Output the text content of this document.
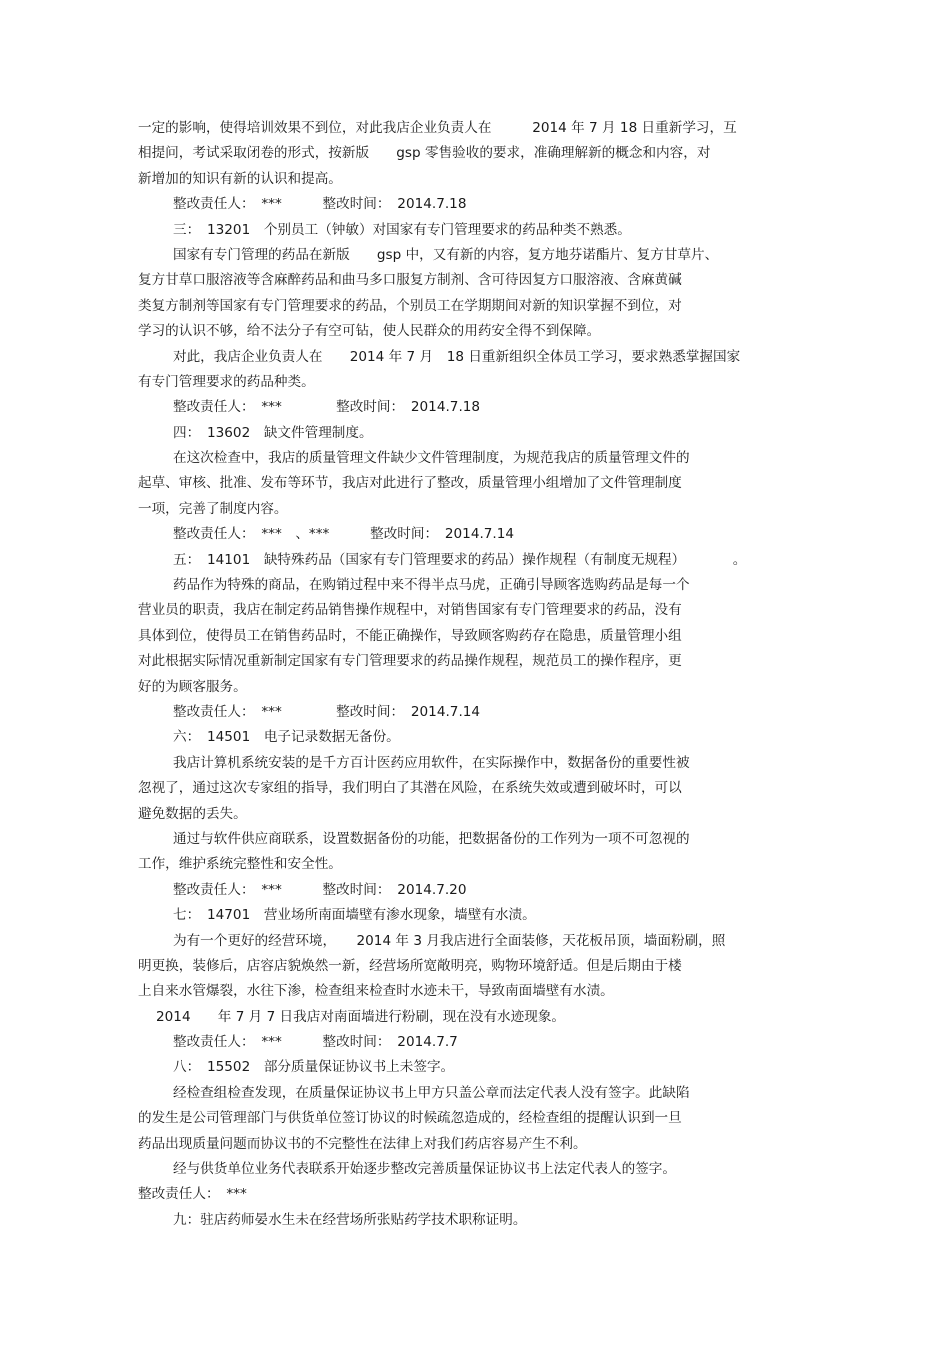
一定的影响，使得培训效果不到位，对此我店企业负责人在　　　2014 年 7 月 18 日重新学习，互
相提问，考试采取闭卷的形式，按新版　　gsp 零售验收的要求，准确理解新的概念和内容，对
新增加的知识有新的认识和提高。
整改责任人：　***　　　整改时间：　2014.7.18
三：　13201　个别员工（钟敏）对国家有专门管理要求的药品种类不熟悉。
国家有专门管理的药品在新版　　gsp 中，又有新的内容，复方地芬诺酯片、复方甘草片、
复方甘草口服溶液等含麻醉药品和曲马多口服复方制剂、含可待因复方口服溶液、含麻黄碱
类复方制剂等国家有专门管理要求的药品，个别员工在学期期间对新的知识掌握不到位，对
学习的认识不够，给不法分子有空可钻，使人民群众的用药安全得不到保障。
对此，我店企业负责人在　　2014 年 7 月　18 日重新组织全体员工学习，要求熟悉掌握国家
有专门管理要求的药品种类。
整改责任人：　***　　　　整改时间：　2014.7.18
四：　13602　缺文件管理制度。
在这次检查中，我店的质量管理文件缺少文件管理制度，为规范我店的质量管理文件的
起草、审核、批准、发布等环节，我店对此进行了整改，质量管理小组增加了文件管理制度
一项，完善了制度内容。
整改责任人：　***　、***　　　整改时间：　2014.7.14
五：　14101　缺特殊药品（国家有专门管理要求的药品）操作规程（有制度无规程）　　　　。
药品作为特殊的商品，在购销过程中来不得半点马虎，正确引导顾客选购药品是每一个
营业员的职责，我店在制定药品销售操作规程中，对销售国家有专门管理要求的药品，没有
具体到位，使得员工在销售药品时，不能正确操作，导致顾客购药存在隐患，质量管理小组
对此根据实际情况重新制定国家有专门管理要求的药品操作规程，规范员工的操作程序，更
好的为顾客服务。
整改责任人：　***　　　　整改时间：　2014.7.14
六：　14501　电子记录数据无备份。
我店计算机系统安装的是千方百计医药应用软件，在实际操作中，数据备份的重要性被
忽视了，通过这次专家组的指导，我们明白了其潜在风险，在系统失效或遭到破坏时，可以
避免数据的丢失。
通过与软件供应商联系，设置数据备份的功能，把数据备份的工作列为一项不可忽视的
工作，维护系统完整性和安全性。
整改责任人：　***　　　整改时间：　2014.7.20
七：　14701　营业场所南面墙壁有渗水现象，墙壁有水渍。
为有一个更好的经营环境，　　2014 年 3 月我店进行全面装修，天花板吊顶，墙面粉刷，照
明更换，装修后，店容店貌焕然一新，经营场所宽敞明亮，购物环境舒适。但是后期由于楼
上自来水管爆裂，水往下渗，检查组来检查时水迹未干，导致南面墙壁有水渍。
2014　　年 7 月 7 日我店对南面墙进行粉刷，现在没有水迹现象。
整改责任人：　***　　　整改时间：　2014.7.7
八：　15502　部分质量保证协议书上未签字。
经检查组检查发现，在质量保证协议书上甲方只盖公章而法定代表人没有签字。此缺陷
的发生是公司管理部门与供货单位签订协议的时候疏忽造成的，经检查组的提醒认识到一旦
药品出现质量问题而协议书的不完整性在法律上对我们药店容易产生不利。
经与供货单位业务代表联系开始逐步整改完善质量保证协议书上法定代表人的签字。
整改责任人：　***
九：驻店药师晏水生未在经营场所张贴药学技术职称证明。
